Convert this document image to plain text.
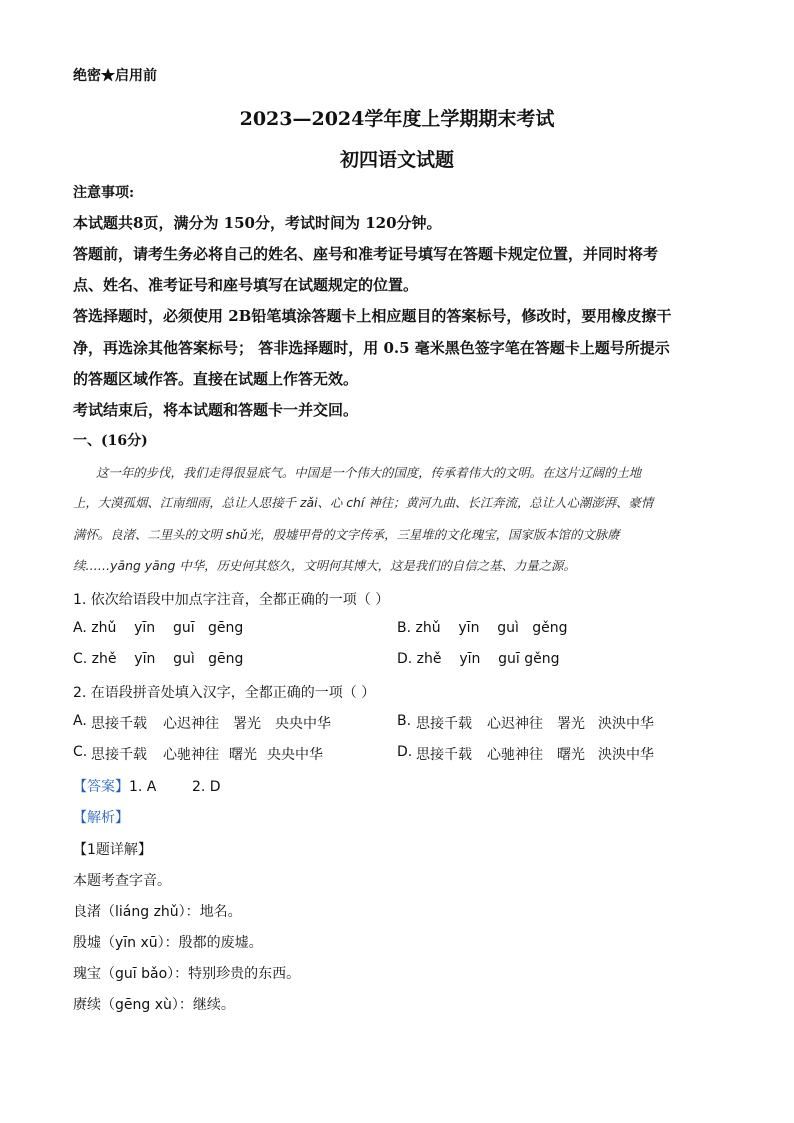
绝密★启用前
2023—2024学年度上学期期末考试
初四语文试题
注意事项:
本试题共8页，满分为 150分，考试时间为 120分钟。
答题前，请考生务必将自己的姓名、座号和准考证号填写在答题卡规定位置，并同时将考
点、姓名、准考证号和座号填写在试题规定的位置。
答选择题时，必须使用 2B铅笔填涂答题卡上相应题目的答案标号，修改时，要用橡皮擦干
净，再选涂其他答案标号； 答非选择题时，用 0.5 毫米黑色签字笔在答题卡上题号所提示
的答题区域作答。直接在试题上作答无效。
考试结束后，将本试题和答题卡一并交回。
一、(16分)
这一年的步伐，我们走得很显底气。中国是一个伟大的国度，传承着伟大的文明。在这片辽阔的土地
上，大漠孤烟、江南细雨，总让人思接千 zǎi、心 chí 神往；黄河九曲、长江奔流，总让人心潮澎湃、豪情
满怀。良渚、二里头的文明 shǔ光，殷墟甲骨的文字传承，三星堆的文化瑰宝，国家版本馆的文脉赓
续……yāng yāng 中华，历史何其悠久，文明何其博大，这是我们的自信之基、力量之源。
1. 依次给语段中加点字注音，全都正确的一项（ ）
A. zhǔ    yīn    guī   gēng	B. zhǔ    yīn    guì   gěng
C. zhě    yīn    guì   gēng	D. zhě    yīn    guī gěng
2. 在语段拼音处填入汉字，全都正确的一项（ ）
A. 思接千载 心迟神往 署光 央央中华	B. 思接千载 心迟神往 署光 泱泱中华
C. 思接千载 心驰神往 曙光 央央中华	D. 思接千载 心驰神往 曙光 泱泱中华
【答案】1. A        2. D
【解析】
【1题详解】
本题考查字音。
良渚（liáng zhǔ）：地名。
殷墟（yīn xū）：殷都的废墟。
瑰宝（guī bǎo）：特别珍贵的东西。
赓续（gēng xù）：继续。
